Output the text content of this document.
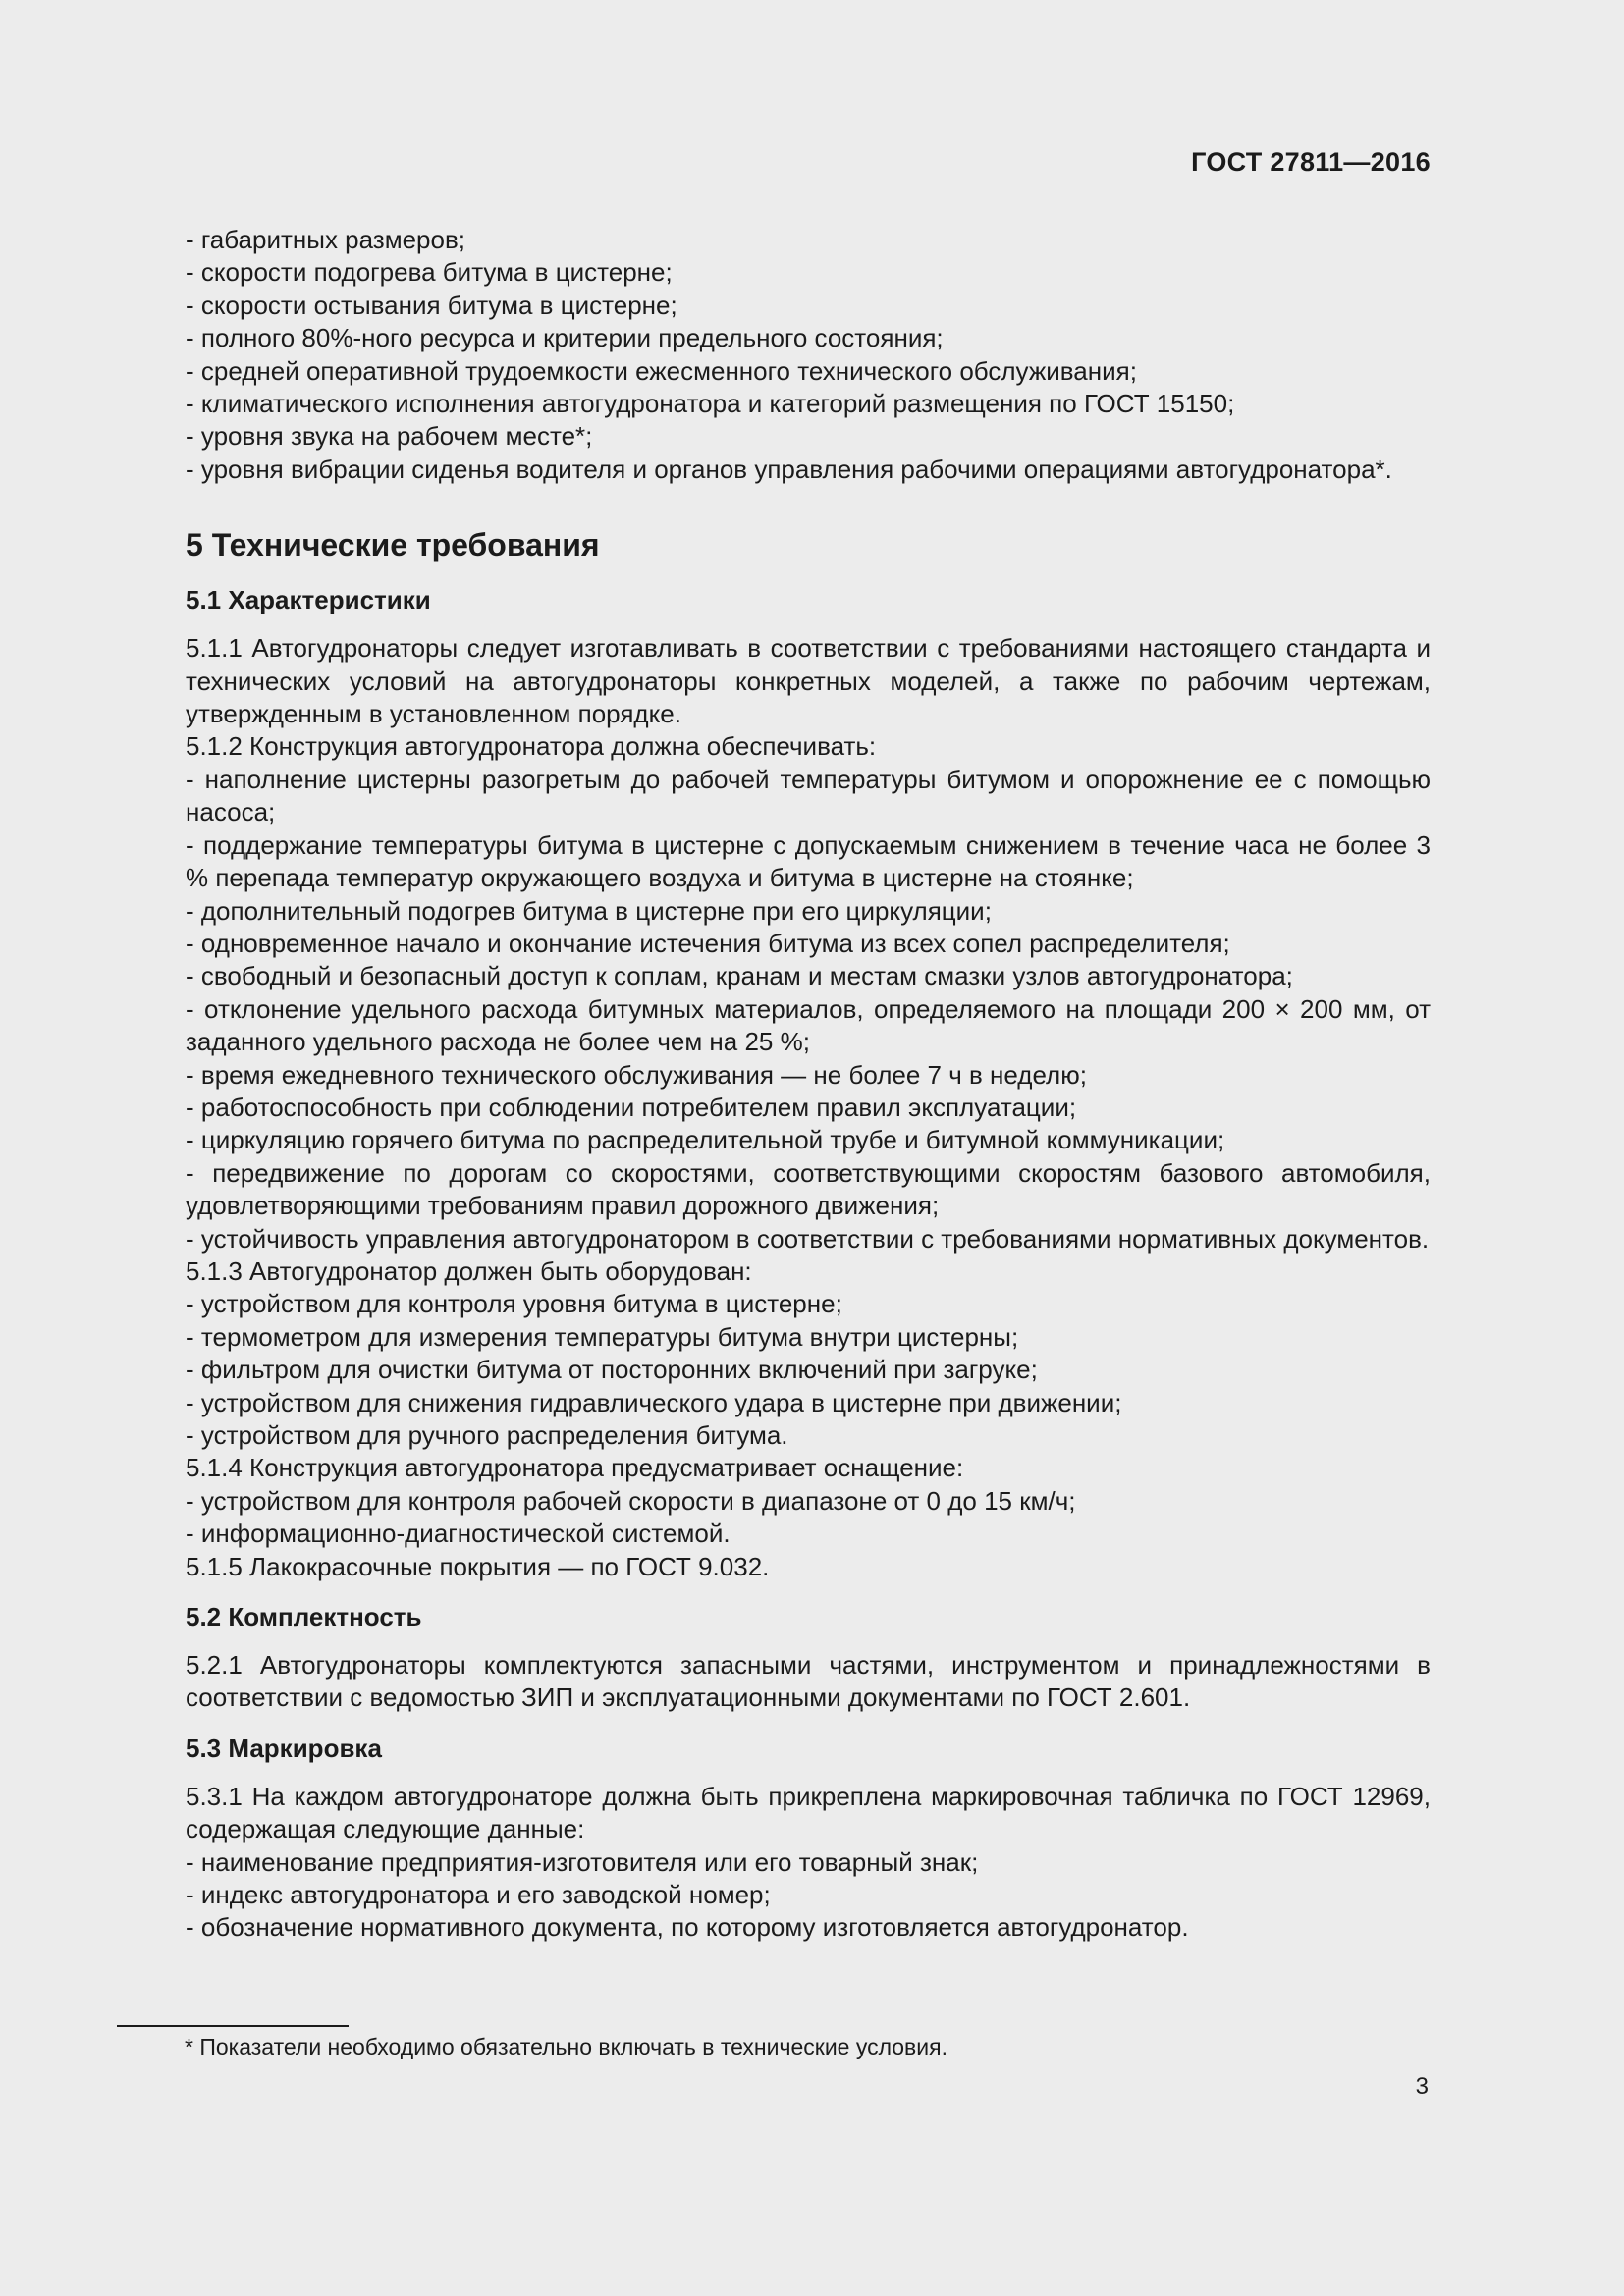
ГОСТ 27811—2016

- габаритных размеров;

- скорости подогрева битума в цистерне;

- скорости остывания битума в цистерне;

- полного 80%-ного ресурса и критерии предельного состояния;

- средней оперативной трудоемкости ежесменного технического обслуживания;

- климатического исполнения автогудронатора и категорий размещения по ГОСТ 15150;

- уровня звука на рабочем месте*;

- уровня вибрации сиденья водителя и органов управления рабочими операциями автогудронатора*.

5 Технические требования
5.1 Характеристики

5.1.1 Автогудронаторы следует изготавливать в соответствии с требованиями настоящего стандарта и технических условий на автогудронаторы конкретных моделей, а также по рабочим чертежам, утвержденным в установленном порядке.

5.1.2 Конструкция автогудронатора должна обеспечивать:

- наполнение цистерны разогретым до рабочей температуры битумом и опорожнение ее с помощью насоса;

- поддержание температуры битума в цистерне с допускаемым снижением в течение часа не более 3 % перепада температур окружающего воздуха и битума в цистерне на стоянке;

- дополнительный подогрев битума в цистерне при его циркуляции;

- одновременное начало и окончание истечения битума из всех сопел распределителя;

- свободный и безопасный доступ к соплам, кранам и местам смазки узлов автогудронатора;

- отклонение удельного расхода битумных материалов, определяемого на площади 200 × 200 мм, от заданного удельного расхода не более чем на 25 %;

- время ежедневного технического обслуживания — не более 7 ч в неделю;

- работоспособность при соблюдении потребителем правил эксплуатации;

- циркуляцию горячего битума по распределительной трубе и битумной коммуникации;

- передвижение по дорогам со скоростями, соответствующими скоростям базового автомобиля, удовлетворяющими требованиям правил дорожного движения;

- устойчивость управления автогудронатором в соответствии с требованиями нормативных документов.

5.1.3 Автогудронатор должен быть оборудован:

- устройством для контроля уровня битума в цистерне;

- термометром для измерения температуры битума внутри цистерны;

- фильтром для очистки битума от посторонних включений при загруке;

- устройством для снижения гидравлического удара в цистерне при движении;

- устройством для ручного распределения битума.

5.1.4 Конструкция автогудронатора предусматривает оснащение:

- устройством для контроля рабочей скорости в диапазоне от 0 до 15 км/ч;

- информационно-диагностической системой.

5.1.5 Лакокрасочные покрытия — по ГОСТ 9.032.

5.2 Комплектность

5.2.1 Автогудронаторы комплектуются запасными частями, инструментом и принадлежностями в соответствии с ведомостью ЗИП и эксплуатационными документами по ГОСТ 2.601.

5.3 Маркировка

5.3.1 На каждом автогудронаторе должна быть прикреплена маркировочная табличка по ГОСТ 12969, содержащая следующие данные:

- наименование предприятия-изготовителя или его товарный знак;

- индекс автогудронатора и его заводской номер;

- обозначение нормативного документа, по которому изготовляется автогудронатор.

* Показатели необходимо обязательно включать в технические условия.
3
